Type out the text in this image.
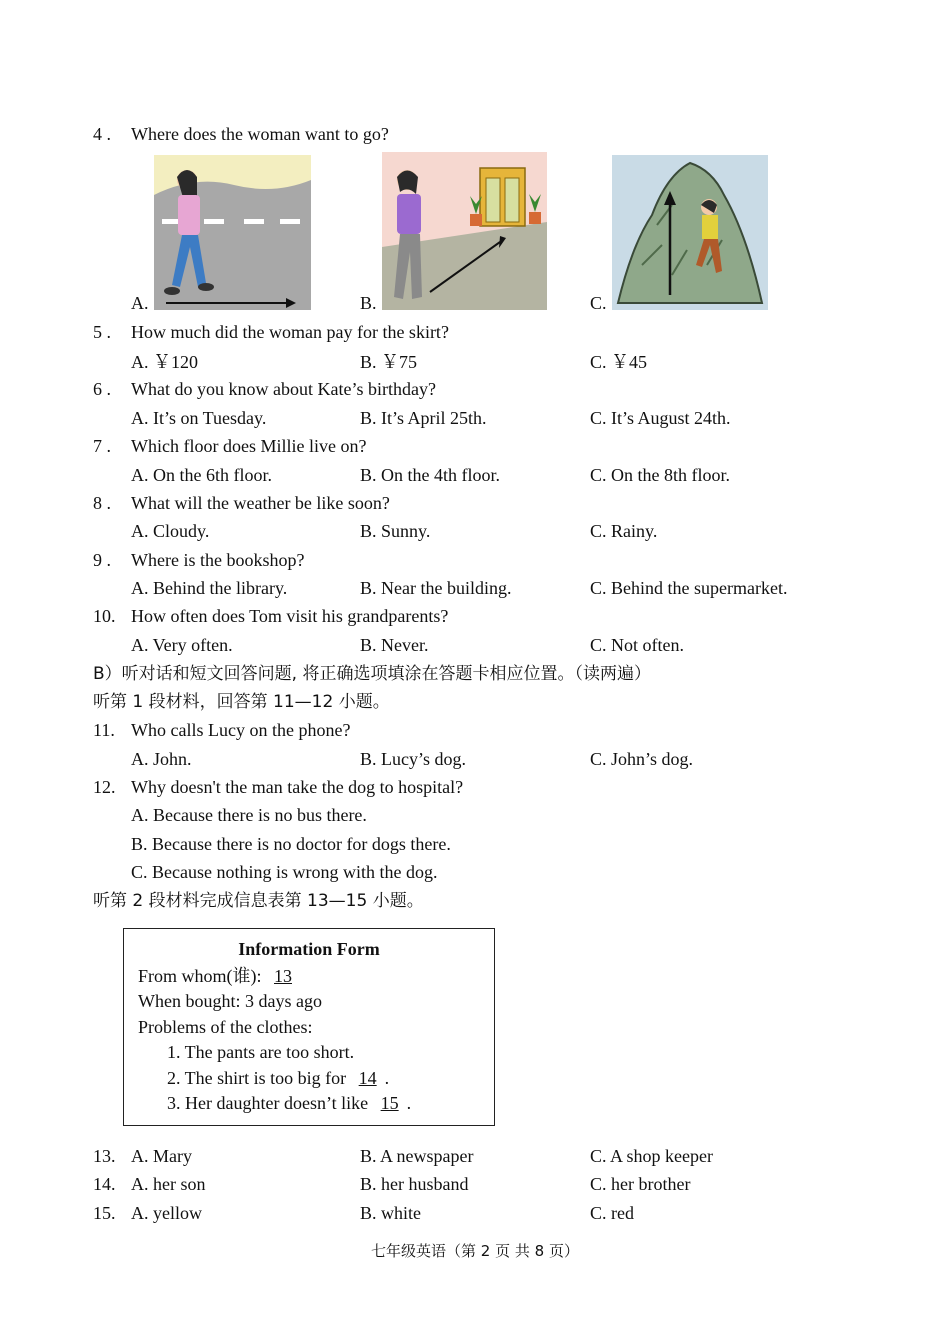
4 . Where does the woman want to go?
A.	B.	C.
5 . How much did the woman pay for the skirt?
A. ￥120	B. ￥75	C. ￥45
6 . What do you know about Kate’s birthday?
A. It’s on Tuesday.	B. It’s April 25th.	C. It’s August 24th.
7 . Which floor does Millie live on?
A. On the 6th floor.	B. On the 4th floor.	C. On the 8th floor.
8 . What will the weather be like soon?
A. Cloudy.	B. Sunny.	C. Rainy.
9 . Where is the bookshop?
A. Behind the library.	B. Near the building.	C. Behind the supermarket.
10. How often does Tom visit his grandparents?
A. Very often.	B. Never.	C. Not often.
B）听对话和短文回答问题, 将正确选项填涂在答题卡相应位置。（读两遍）
听第 1 段材料，回答第 11—12 小题。
11. Who calls Lucy on the phone?
A. John.	B. Lucy’s dog.	C. John’s dog.
12. Why doesn't the man take the dog to hospital?
A. Because there is no bus there.
B. Because there is no doctor for dogs there.
C. Because nothing is wrong with the dog.
听第 2 段材料完成信息表第 13—15 小题。
Information Form
From whom(谁): 13
When bought: 3 days ago
Problems of the clothes:
1. The pants are too short.
2. The shirt is too big for 14 .
3. Her daughter doesn’t like 15 .
13. A. Mary	B. A newspaper	C. A shop keeper
14. A. her son	B. her husband	C. her brother
15. A. yellow	B. white	C. red
七年级英语（第 2 页 共 8 页）
